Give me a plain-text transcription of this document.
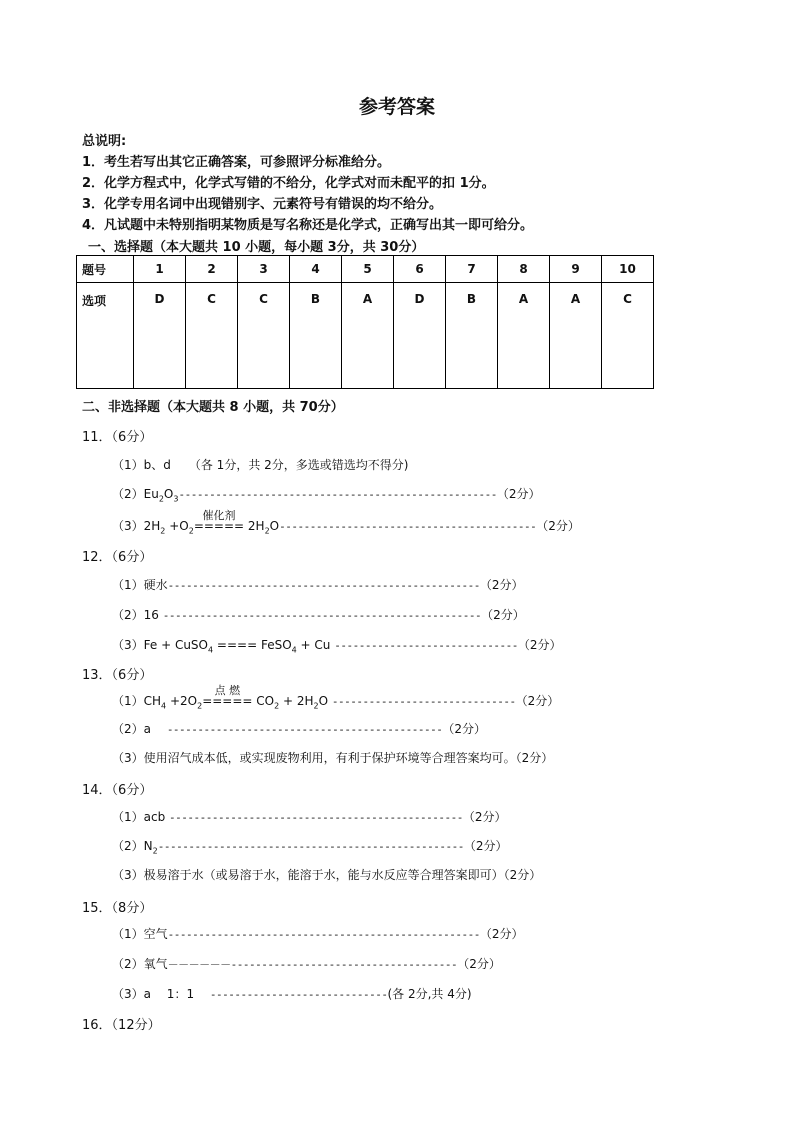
参考答案
总说明:
1．考生若写出其它正确答案，可参照评分标准给分。
2．化学方程式中，化学式写错的不给分，化学式对而未配平的扣 1分。
3．化学专用名词中出现错别字、元素符号有错误的均不给分。
4．凡试题中未特别指明某物质是写名称还是化学式，正确写出其一即可给分。
一、选择题（本大题共 10 小题，每小题 3分，共 30分）
题号	1	2	3	4	5	6	7	8	9	10
选项	D	C	C	B	A	D	B	A	A	C
二、非选择题（本大题共 8 小题，共 70分）
11．（6分）
（1）b、d　　（各 1分，共 2分，多选或错选均不得分)
$(2)Eu_2O_3----------------------------------------------------(2$分）
$(3)2H_2 +O_2$
催化剂
===== $2H_2O------------------------------------------(2$分）
12．（6分）
（1）硬水---------------------------------------------------（2分）
（2）16 ----------------------------------------------------（2分）
（3）Fe + CuSO$_4$ ==== FeSO$_4$ + Cu ------------------------------（2分）
13．（6分）
$(1)CH_4 +2O_2$
点 燃
===== $CO_2 + 2H_2O$ ------------------------------（2分）
（2）a　 ---------------------------------------------（2分）
（3）使用沼气成本低，或实现废物利用，有利于保护环境等合理答案均可。（2分）
14．（6分）
（1）acb ------------------------------------------------（2分）
$(2)N_2--------------------------------------------------(2$分）
（3）极易溶于水（或易溶于水，能溶于水，能与水反应等合理答案即可）（2分）
15．（8分）
（1）空气---------------------------------------------------（2分）
（2）氧气－－－－－－-------------------------------------（2分）
（3）a　 1：1　 -----------------------------(各 2分,共 4分)
16．（12分）
